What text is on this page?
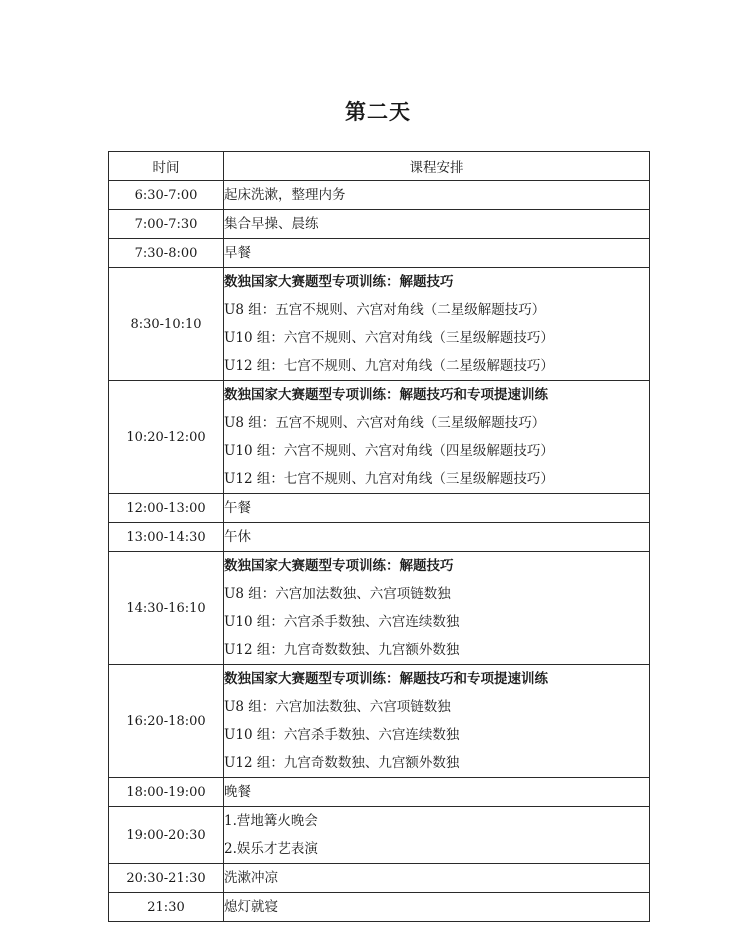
第二天
时间	课程安排
6:30-7:00	起床洗漱，整理内务

7:00-7:30	集合早操、晨练

7:30-8:00	早餐

8:30-10:10	数独国家大赛题型专项训练：解题技巧
U8 组：五宫不规则、六宫对角线（二星级解题技巧）
U10 组：六宫不规则、六宫对角线（三星级解题技巧）
U12 组：七宫不规则、九宫对角线（二星级解题技巧）

10:20-12:00	数独国家大赛题型专项训练：解题技巧和专项提速训练
U8 组：五宫不规则、六宫对角线（三星级解题技巧）
U10 组：六宫不规则、六宫对角线（四星级解题技巧）
U12 组：七宫不规则、九宫对角线（三星级解题技巧）

12:00-13:00	午餐

13:00-14:30	午休

14:30-16:10	数独国家大赛题型专项训练：解题技巧
U8 组：六宫加法数独、六宫项链数独
U10 组：六宫杀手数独、六宫连续数独
U12 组：九宫奇数数独、九宫额外数独

16:20-18:00	数独国家大赛题型专项训练：解题技巧和专项提速训练
U8 组：六宫加法数独、六宫项链数独
U10 组：六宫杀手数独、六宫连续数独
U12 组：九宫奇数数独、九宫额外数独

18:00-19:00	晚餐

19:00-20:30	1.营地篝火晚会
2.娱乐才艺表演

20:30-21:30	洗漱冲凉

21:30	熄灯就寝
